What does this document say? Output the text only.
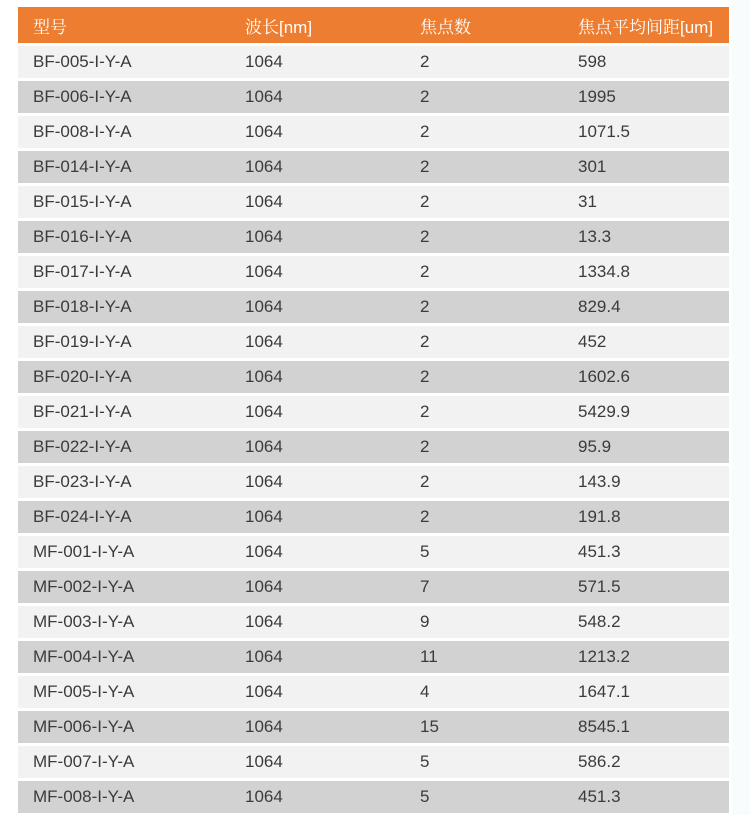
型号	波长[nm]	焦点数	焦点平均间距[um]
BF-005-I-Y-A	1064	2	598
BF-006-I-Y-A	1064	2	1995
BF-008-I-Y-A	1064	2	1071.5
BF-014-I-Y-A	1064	2	301
BF-015-I-Y-A	1064	2	31
BF-016-I-Y-A	1064	2	13.3
BF-017-I-Y-A	1064	2	1334.8
BF-018-I-Y-A	1064	2	829.4
BF-019-I-Y-A	1064	2	452
BF-020-I-Y-A	1064	2	1602.6
BF-021-I-Y-A	1064	2	5429.9
BF-022-I-Y-A	1064	2	95.9
BF-023-I-Y-A	1064	2	143.9
BF-024-I-Y-A	1064	2	191.8
MF-001-I-Y-A	1064	5	451.3
MF-002-I-Y-A	1064	7	571.5
MF-003-I-Y-A	1064	9	548.2
MF-004-I-Y-A	1064	11	1213.2
MF-005-I-Y-A	1064	4	1647.1
MF-006-I-Y-A	1064	15	8545.1
MF-007-I-Y-A	1064	5	586.2
MF-008-I-Y-A	1064	5	451.3
